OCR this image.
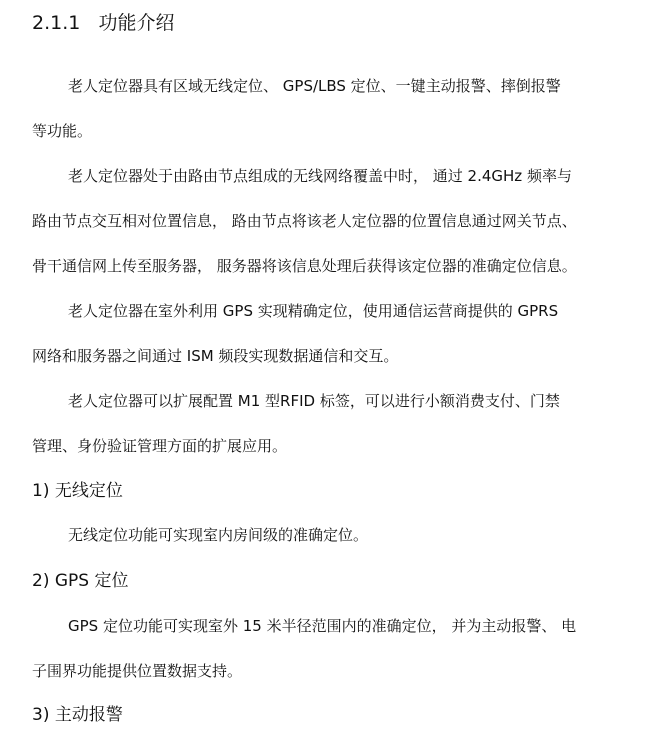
2.1.1 功能介绍
老人定位器具有区域无线定位、 GPS/LBS 定位、一键主动报警、摔倒报警
等功能。
老人定位器处于由路由节点组成的无线网络覆盖中时， 通过 2.4GHz 频率与
路由节点交互相对位置信息， 路由节点将该老人定位器的位置信息通过网关节点、
骨干通信网上传至服务器， 服务器将该信息处理后获得该定位器的准确定位信息。
老人定位器在室外利用 GPS 实现精确定位，使用通信运营商提供的 GPRS
网络和服务器之间通过 ISM 频段实现数据通信和交互。
老人定位器可以扩展配置 M1 型RFID 标签，可以进行小额消费支付、门禁
管理、身份验证管理方面的扩展应用。
1) 无线定位
无线定位功能可实现室内房间级的准确定位。
2) GPS 定位
GPS 定位功能可实现室外 15 米半径范围内的准确定位， 并为主动报警、 电
子围界功能提供位置数据支持。
3) 主动报警
